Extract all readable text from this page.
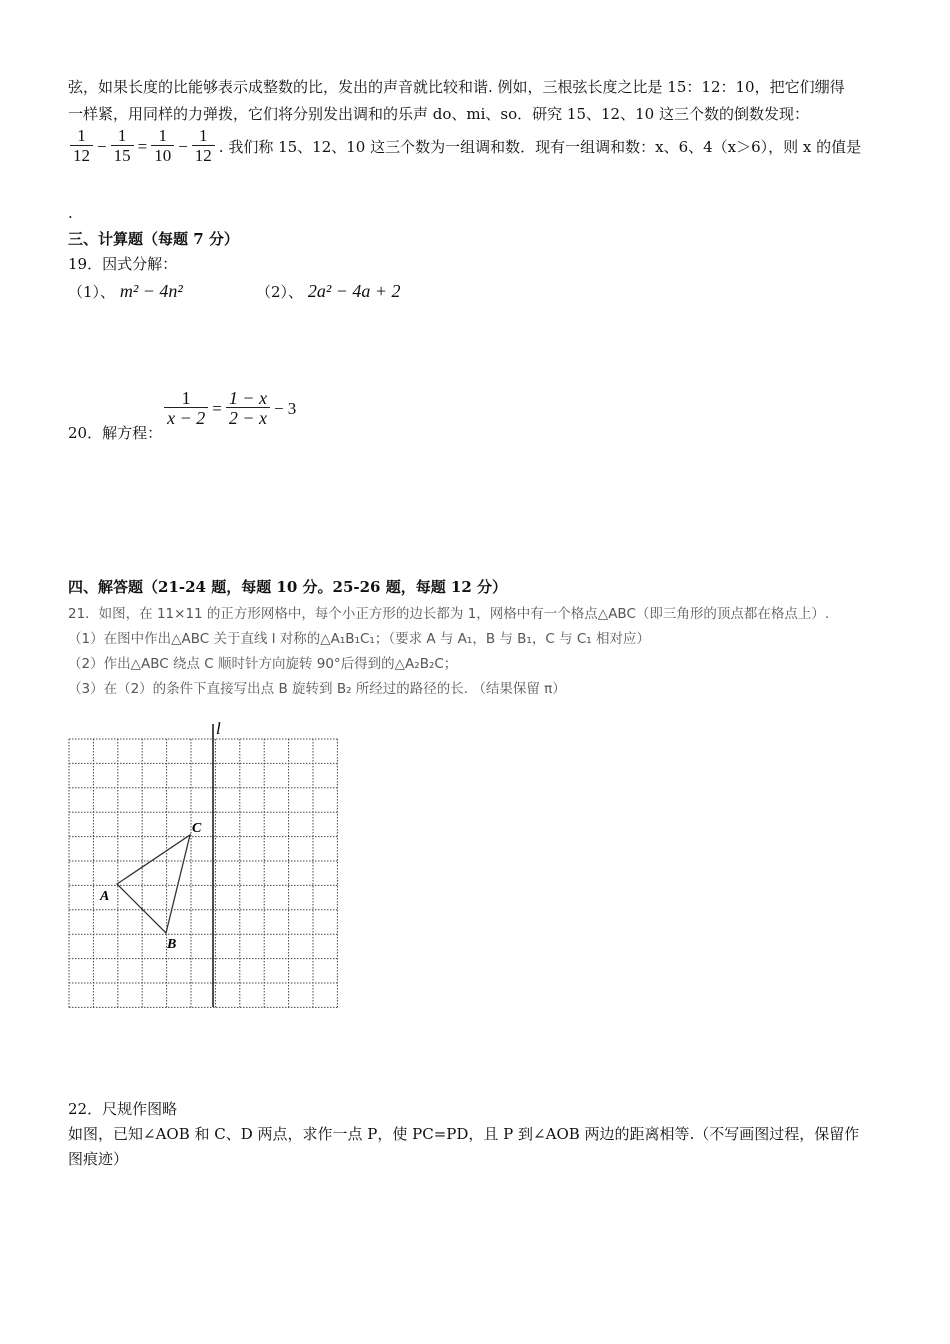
弦，如果长度的比能够表示成整数的比，发出的声音就比较和谐. 例如，三根弦长度之比是 15：12：10，把它们绷得
一样紧，用同样的力弹拨，它们将分别发出调和的乐声 do、mi、so．研究 15、12、10 这三个数的倒数发现：
$\frac{1}{12} - \frac{1}{15} = \frac{1}{10} - \frac{1}{12}$ . 我们称 15、12、10 这三个数为一组调和数．现有一组调和数：x、6、4（x＞6），则 x 的值是
.
三、计算题（每题 7 分）
19．因式分解：
（1）、 m² − 4n²	（2）、 2a² − 4a + 2
20．解方程：
$\frac{1}{x - 2} = \frac{1 - x}{2 - x} - 3$
四、解答题（21-24 题，每题 10 分。25-26 题，每题 12 分）
21．如图，在 11×11 的正方形网格中，每个小正方形的边长都为 1，网格中有一个格点△ABC（即三角形的顶点都在格点上）.
（1）在图中作出△ABC 关于直线 l 对称的△A₁B₁C₁；（要求 A 与 A₁，B 与 B₁，C 与 C₁ 相对应）
（2）作出△ABC 绕点 C 顺时针方向旋转 90°后得到的△A₂B₂C；
（3）在（2）的条件下直接写出点 B 旋转到 B₂ 所经过的路径的长. （结果保留 π）
l
A
B
C
22．尺规作图略
如图，已知∠AOB 和 C、D 两点，求作一点 P，使 PC=PD，且 P 到∠AOB 两边的距离相等.（不写画图过程，保留作
图痕迹）
